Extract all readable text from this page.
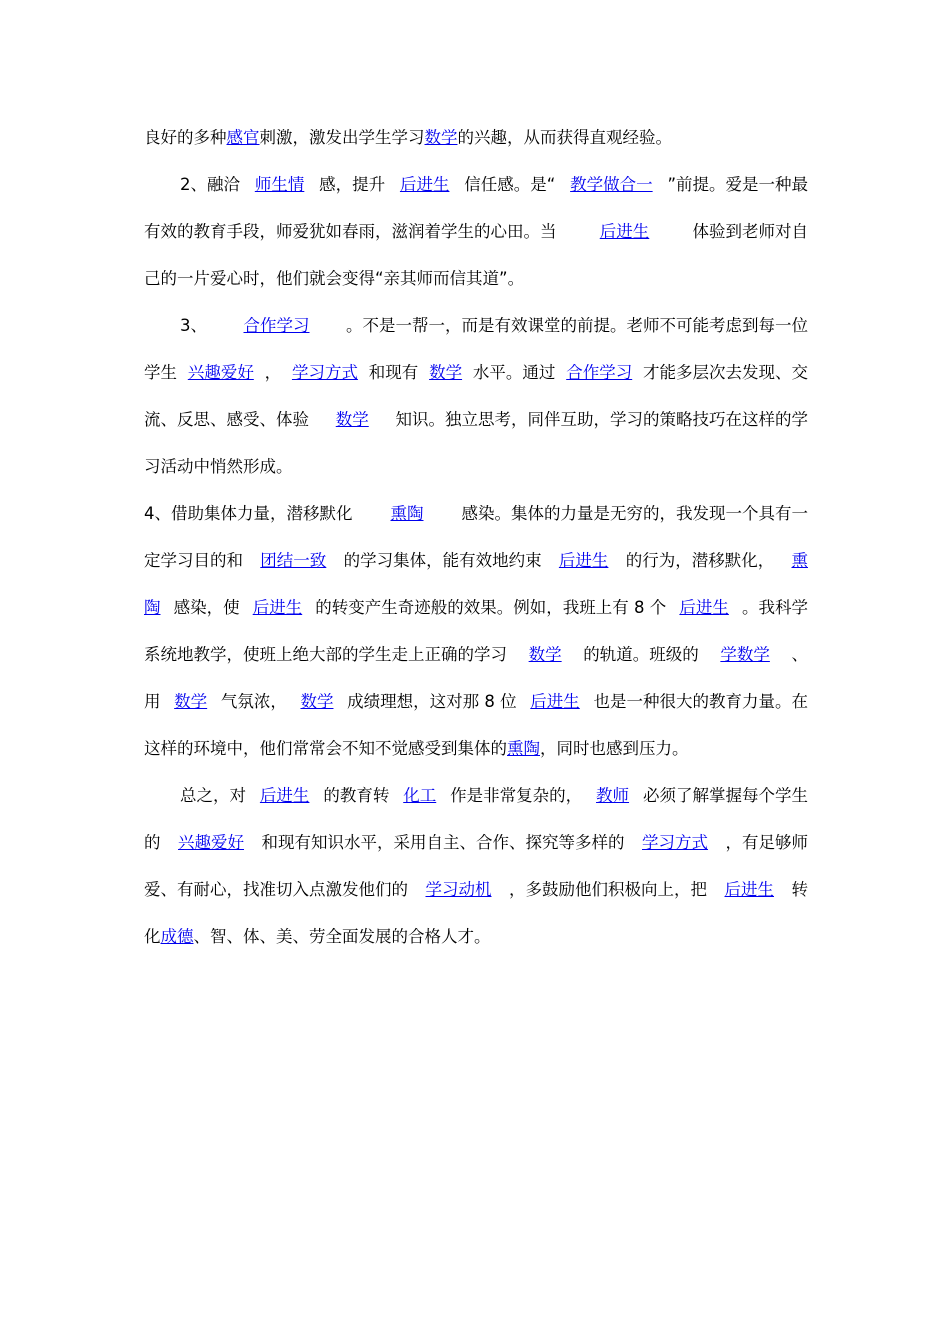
良好的多种 感官 刺激，激发出学生学习 数学 的兴趣，从而获得直观经验。
2、融洽 师生情 感，提升 后进生 信任感。是“ 教学做合一 ”前提。爱是一种最
有效的教育手段，师爱犹如春雨，滋润着学生的心田。当	后进生	体验到老师对自
己的一片爱心时，他们就会变得“亲其师而信其道”。
3、 合作学习 。不是一帮一，而是有效课堂的前提。老师不可能考虑到每一位
学生 兴趣爱好 ， 学习方式 和现有 数学 水平。通过 合作学习 才能多层次去发现、交
流、反思、感受、体验 数学 知识。独立思考，同伴互助，学习的策略技巧在这样的学
习活动中悄然形成。
4、借助集体力量，潜移默化 熏陶 感染。集体的力量是无穷的，我发现一个具有一
定学习目的和 团结一致 的学习集体，能有效地约束 后进生 的行为，潜移默化， 熏
陶 感染，使 后进生 的转变产生奇迹般的效果。例如，我班上有 8 个 后进生 。我科学
系统地教学，使班上绝大部的学生走上正确的学习 数学 的轨道。班级的 学数学 、
用 数学 气氛浓， 数学 成绩理想，这对那 8 位 后进生 也是一种很大的教育力量。在
这样的环境中，他们常常会不知不觉感受到集体的 熏陶 ，同时也感到压力。
总之，对 后进生 的教育转 化工 作是非常复杂的， 教师 必须了解掌握每个学生
的 兴趣爱好 和现有知识水平，采用自主、合作、探究等多样的 学习方式 ，有足够师
爱、有耐心，找准切入点激发他们的 学习动机 ，多鼓励他们积极向上，把 后进生 转
化 成德 、智、体、美、劳全面发展的合格人才。
